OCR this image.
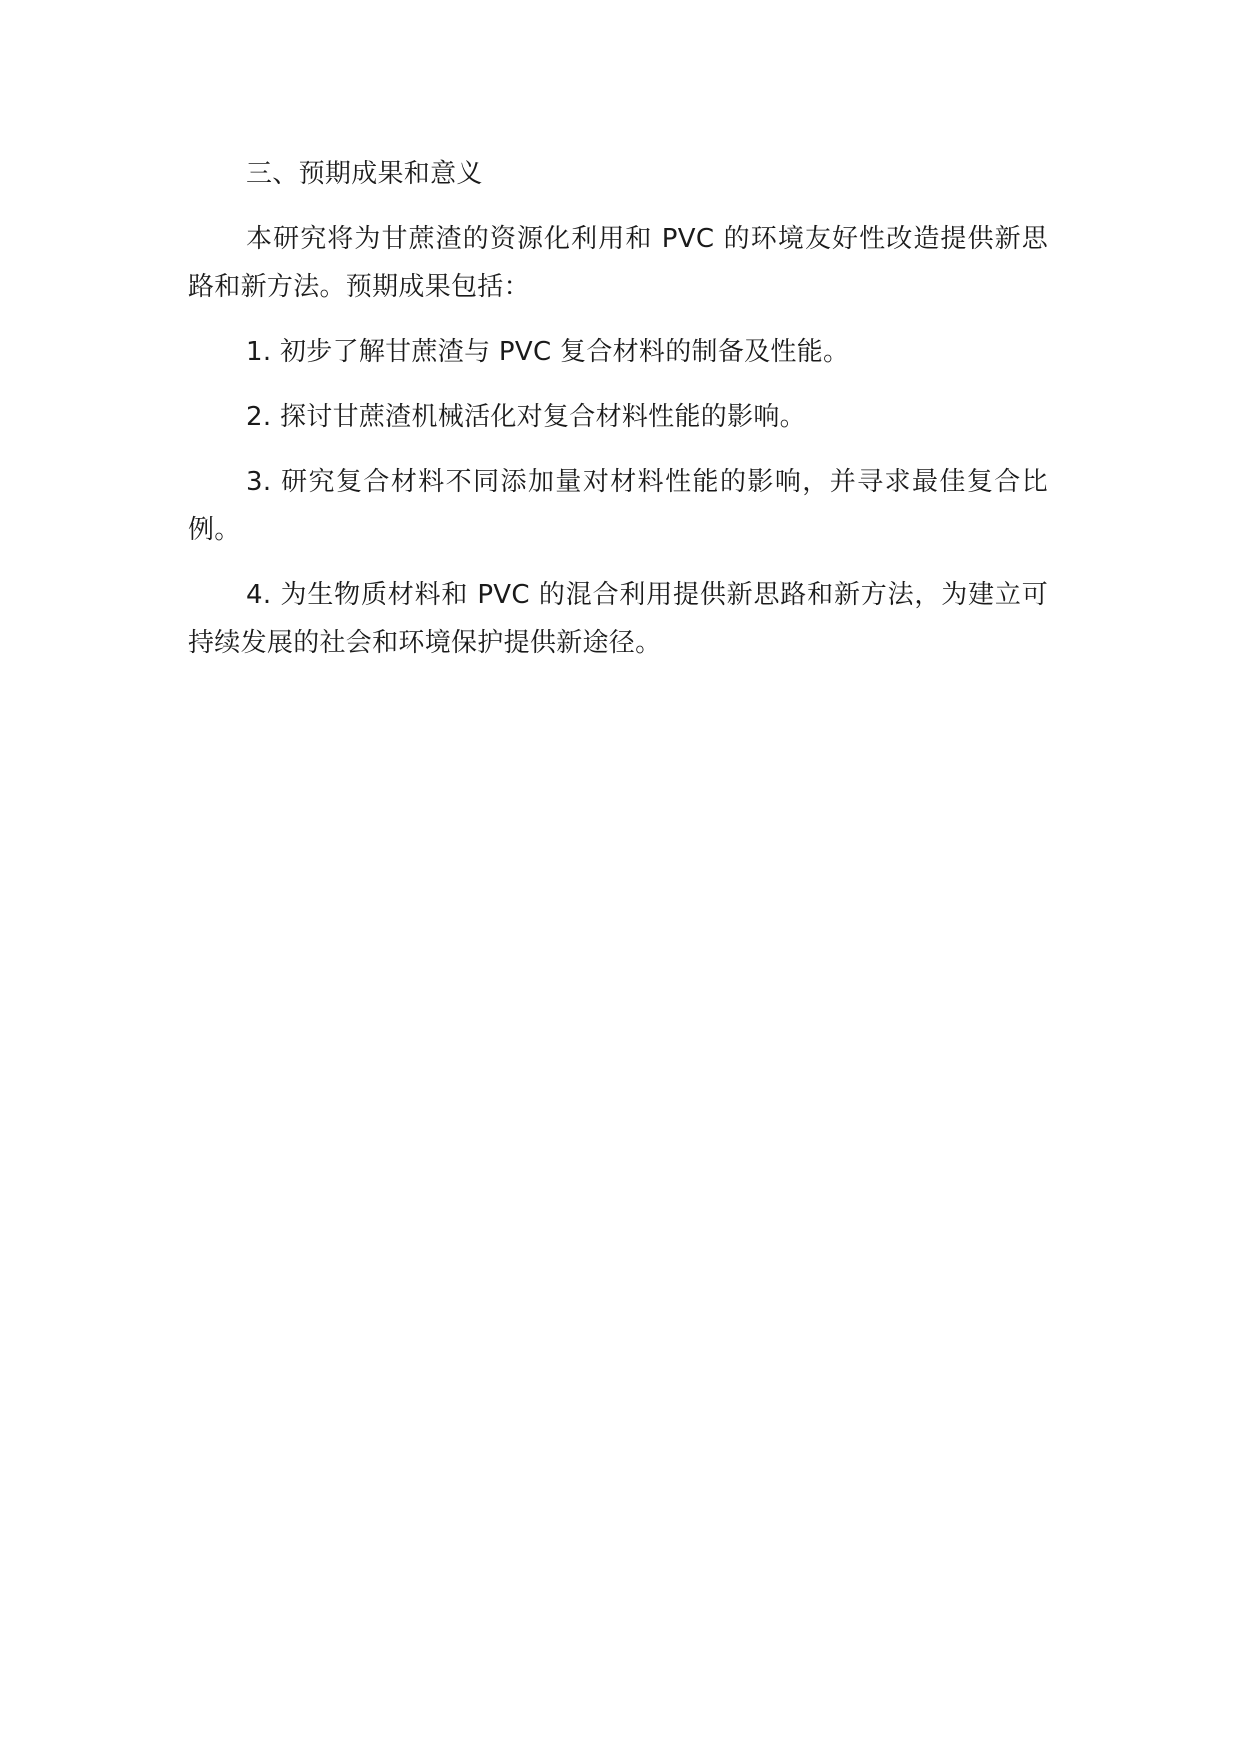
三、预期成果和意义

本研究将为甘蔗渣的资源化利用和 PVC 的环境友好性改造提供新思路和新方法。预期成果包括：

1. 初步了解甘蔗渣与 PVC 复合材料的制备及性能。

2. 探讨甘蔗渣机械活化对复合材料性能的影响。

3. 研究复合材料不同添加量对材料性能的影响，并寻求最佳复合比例。

4. 为生物质材料和 PVC 的混合利用提供新思路和新方法，为建立可持续发展的社会和环境保护提供新途径。
